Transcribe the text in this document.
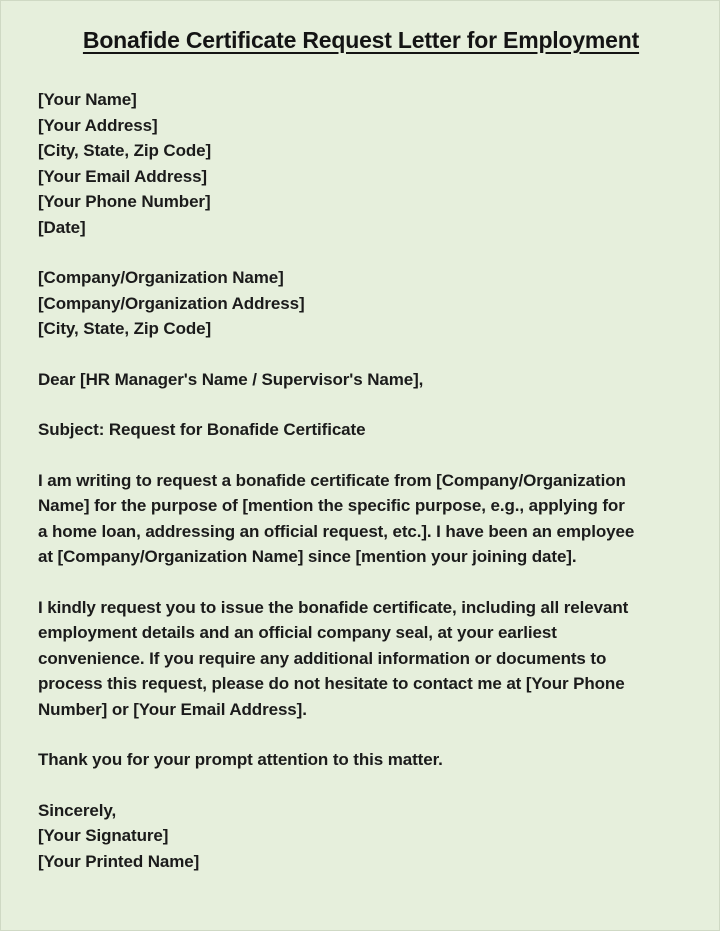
Bonafide Certificate Request Letter for Employment
[Your Name]
[Your Address]
[City, State, Zip Code]
[Your Email Address]
[Your Phone Number]
[Date]
[Company/Organization Name]
[Company/Organization Address]
[City, State, Zip Code]
Dear [HR Manager's Name / Supervisor's Name],
Subject: Request for Bonafide Certificate
I am writing to request a bonafide certificate from [Company/Organization
Name] for the purpose of [mention the specific purpose, e.g., applying for
a home loan, addressing an official request, etc.]. I have been an employee
at [Company/Organization Name] since [mention your joining date].
I kindly request you to issue the bonafide certificate, including all relevant
employment details and an official company seal, at your earliest
convenience. If you require any additional information or documents to
process this request, please do not hesitate to contact me at [Your Phone
Number] or [Your Email Address].
Thank you for your prompt attention to this matter.
Sincerely,
[Your Signature]
[Your Printed Name]
